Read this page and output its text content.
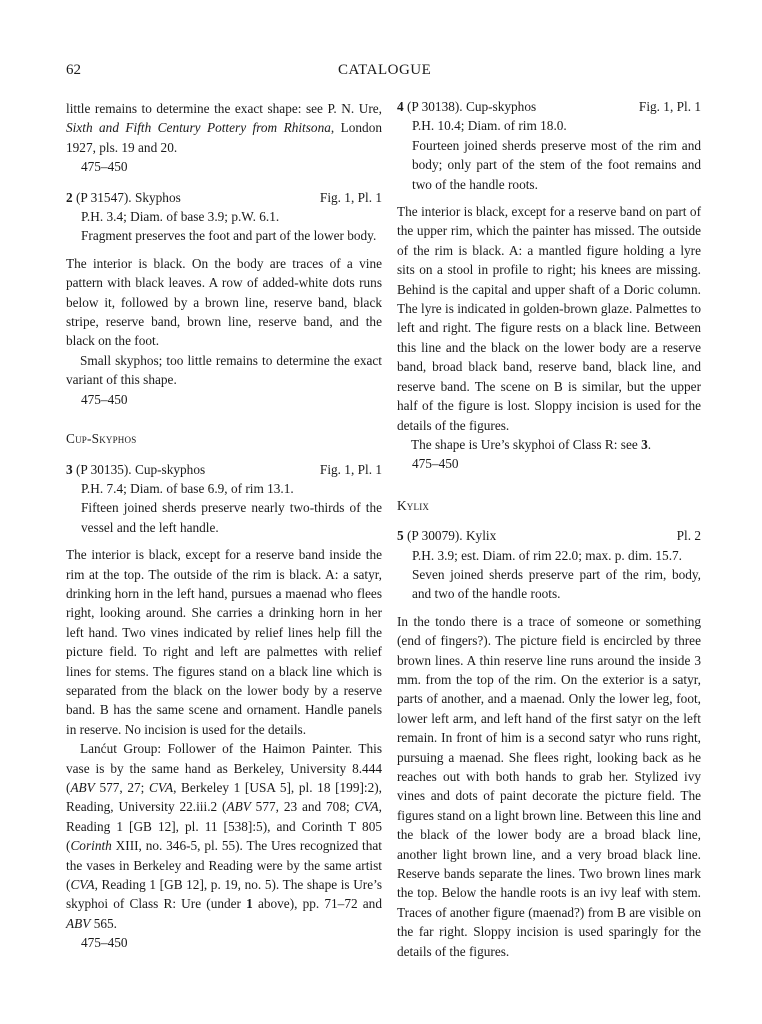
62	CATALOGUE

little remains to determine the exact shape: see P. N. Ure, Sixth and Fifth Century Pottery from Rhitsona, London 1927, pls. 19 and 20.

475–450

2 (P 31547). Skyphos	Fig. 1, Pl. 1

P.H. 3.4; Diam. of base 3.9; p.W. 6.1.

Fragment preserves the foot and part of the lower body.

The interior is black. On the body are traces of a vine pattern with black leaves. A row of added-white dots runs below it, followed by a brown line, reserve band, black stripe, reserve band, brown line, reserve band, and the black on the foot.

Small skyphos; too little remains to determine the exact variant of this shape.

475–450

Cup-Skyphos

3 (P 30135). Cup-skyphos	Fig. 1, Pl. 1

P.H. 7.4; Diam. of base 6.9, of rim 13.1.

Fifteen joined sherds preserve nearly two-thirds of the vessel and the left handle.

The interior is black, except for a reserve band inside the rim at the top. The outside of the rim is black. A: a satyr, drinking horn in the left hand, pursues a maenad who flees right, looking around. She carries a drinking horn in her left hand. Two vines indicated by relief lines help fill the picture field. To right and left are palmettes with relief lines for stems. The figures stand on a black line which is separated from the black on the lower body by a reserve band. B has the same scene and ornament. Handle panels in reserve. No incision is used for the details.

Lanćut Group: Follower of the Haimon Painter. This vase is by the same hand as Berkeley, University 8.444 (ABV 577, 27; CVA, Berkeley 1 [USA 5], pl. 18 [199]:2), Reading, University 22.iii.2 (ABV 577, 23 and 708; CVA, Reading 1 [GB 12], pl. 11 [538]:5), and Corinth T 805 (Corinth XIII, no. 346-5, pl. 55). The Ures recognized that the vases in Berkeley and Reading were by the same artist (CVA, Reading 1 [GB 12], p. 19, no. 5). The shape is Ure’s skyphoi of Class R: Ure (under 1 above), pp. 71–72 and ABV 565.

475–450

4 (P 30138). Cup-skyphos	Fig. 1, Pl. 1

P.H. 10.4; Diam. of rim 18.0.

Fourteen joined sherds preserve most of the rim and body; only part of the stem of the foot remains and two of the handle roots.

The interior is black, except for a reserve band on part of the upper rim, which the painter has missed. The outside of the rim is black. A: a mantled figure holding a lyre sits on a stool in profile to right; his knees are missing. Behind is the capital and upper shaft of a Doric column. The lyre is indicated in golden-brown glaze. Palmettes to left and right. The figure rests on a black line. Between this line and the black on the lower body are a reserve band, broad black band, reserve band, black line, and reserve band. The scene on B is similar, but the upper half of the figure is lost. Sloppy incision is used for the details of the figures.

The shape is Ure’s skyphoi of Class R: see 3.

475–450

Kylix

5 (P 30079). Kylix	Pl. 2

P.H. 3.9; est. Diam. of rim 22.0; max. p. dim. 15.7.

Seven joined sherds preserve part of the rim, body, and two of the handle roots.

In the tondo there is a trace of someone or something (end of fingers?). The picture field is encircled by three brown lines. A thin reserve line runs around the inside 3 mm. from the top of the rim. On the exterior is a satyr, parts of another, and a maenad. Only the lower leg, foot, lower left arm, and left hand of the first satyr on the left remain. In front of him is a second satyr who runs right, pursuing a maenad. She flees right, looking back as he reaches out with both hands to grab her. Stylized ivy vines and dots of paint decorate the picture field. The figures stand on a light brown line. Between this line and the black of the lower body are a broad black line, another light brown line, and a very broad black line. Reserve bands separate the lines. Two brown lines mark the top. Below the handle roots is an ivy leaf with stem. Traces of another figure (maenad?) from B are visible on the far right. Sloppy incision is used sparingly for the details of the figures.
